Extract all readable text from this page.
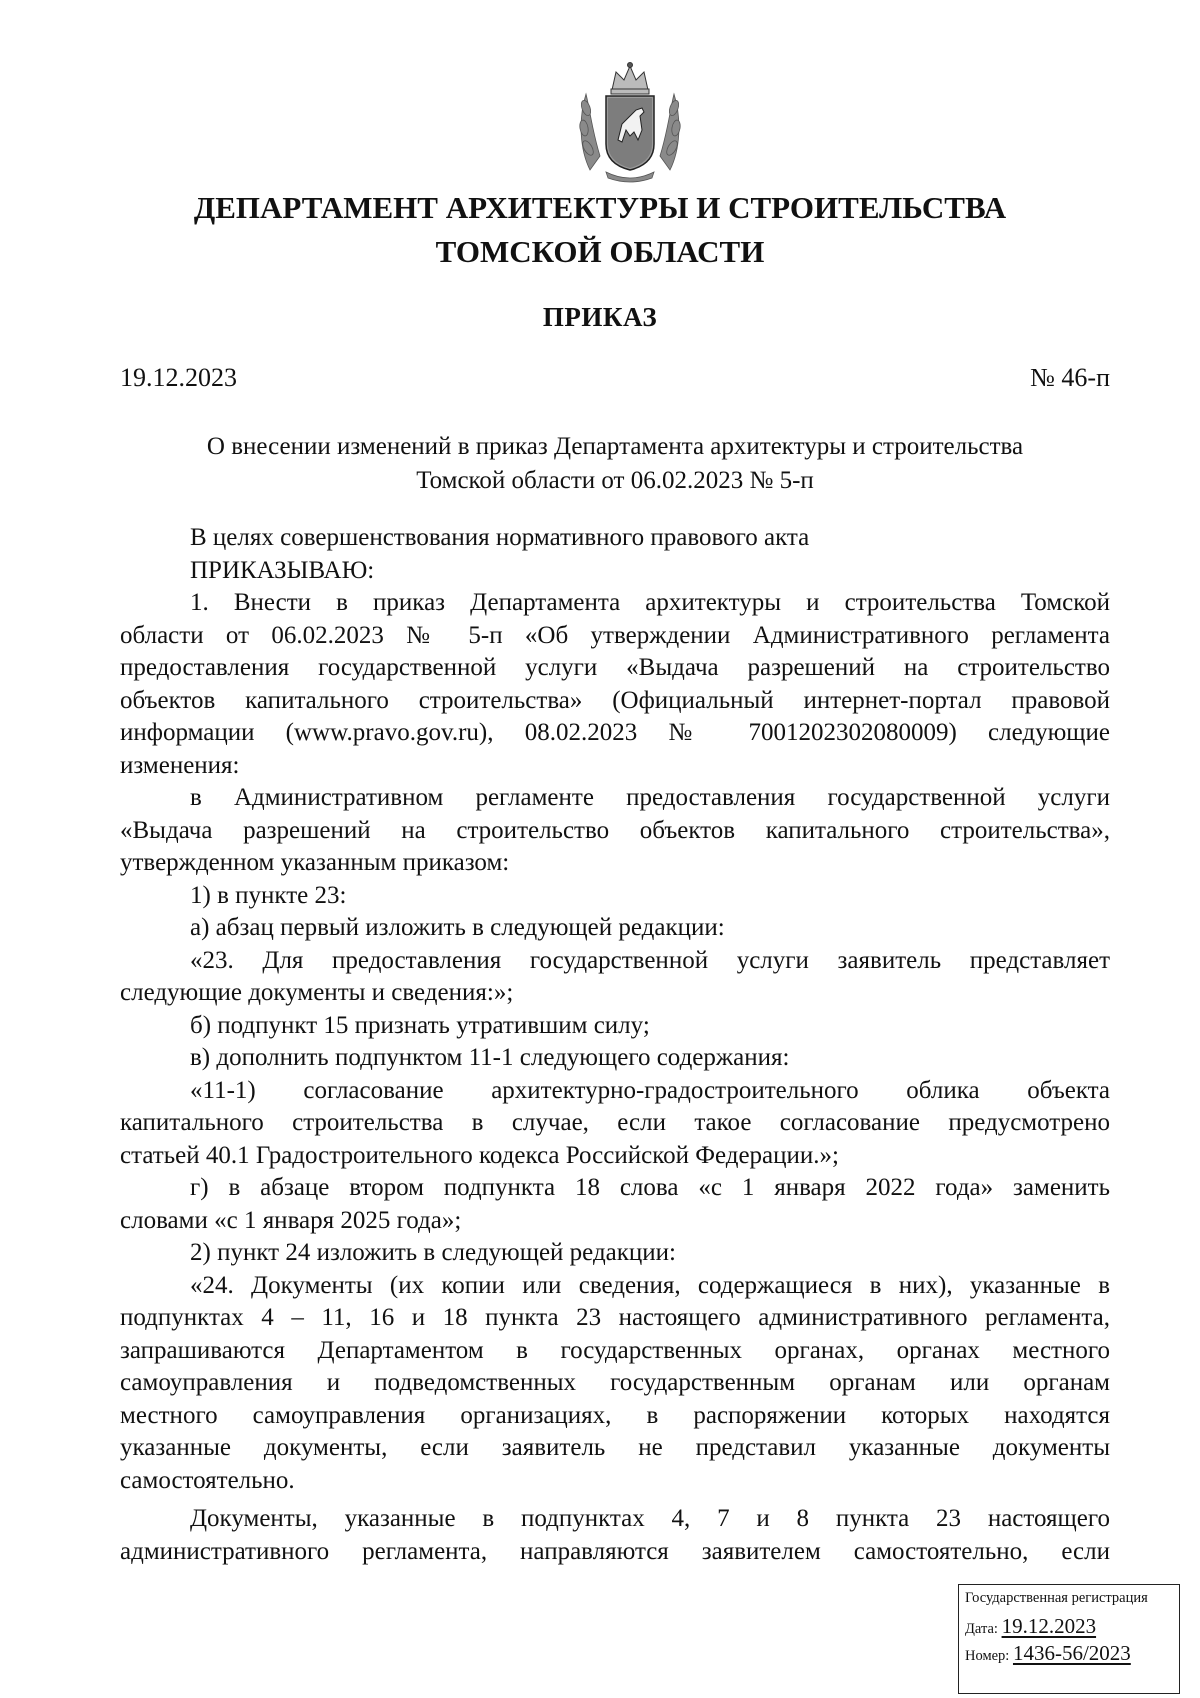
ДЕПАРТАМЕНТ АРХИТЕКТУРЫ И СТРОИТЕЛЬСТВА
ТОМСКОЙ ОБЛАСТИ
ПРИКАЗ
19.12.2023	№ 46-п
О внесении изменений в приказ Департамента архитектуры и строительства
Томской области от 06.02.2023 № 5-п

В целях совершенствования нормативного правового акта

ПРИКАЗЫВАЮ:

1. Внести в приказ Департамента архитектуры и строительства Томской

области от 06.02.2023 № 5-п «Об утверждении Административного регламента

предоставления государственной услуги «Выдача разрешений на строительство

объектов капитального строительства» (Официальный интернет-портал правовой

информации (www.pravo.gov.ru), 08.02.2023 № 7001202302080009) следующие

изменения:

в Административном регламенте предоставления государственной услуги

«Выдача разрешений на строительство объектов капитального строительства»,

утвержденном указанным приказом:

1) в пункте 23:

а) абзац первый изложить в следующей редакции:

«23. Для предоставления государственной услуги заявитель представляет

следующие документы и сведения:»;

б) подпункт 15 признать утратившим силу;

в) дополнить подпунктом 11-1 следующего содержания:

«11-1) согласование архитектурно-градостроительного облика объекта

капитального строительства в случае, если такое согласование предусмотрено

статьей 40.1 Градостроительного кодекса Российской Федерации.»;

г) в абзаце втором подпункта 18 слова «с 1 января 2022 года» заменить

словами «с 1 января 2025 года»;

2) пункт 24 изложить в следующей редакции:

«24. Документы (их копии или сведения, содержащиеся в них), указанные в

подпунктах 4 – 11, 16 и 18 пункта 23 настоящего административного регламента,

запрашиваются Департаментом в государственных органах, органах местного

самоуправления и подведомственных государственным органам или органам

местного самоуправления организациях, в распоряжении которых находятся

указанные документы, если заявитель не представил указанные документы

самостоятельно.

Документы, указанные в подпунктах 4, 7 и 8 пункта 23 настоящего

административного регламента, направляются заявителем самостоятельно, если

Государственная регистрация
Дата: 19.12.2023
Номер: 1436-56/2023
